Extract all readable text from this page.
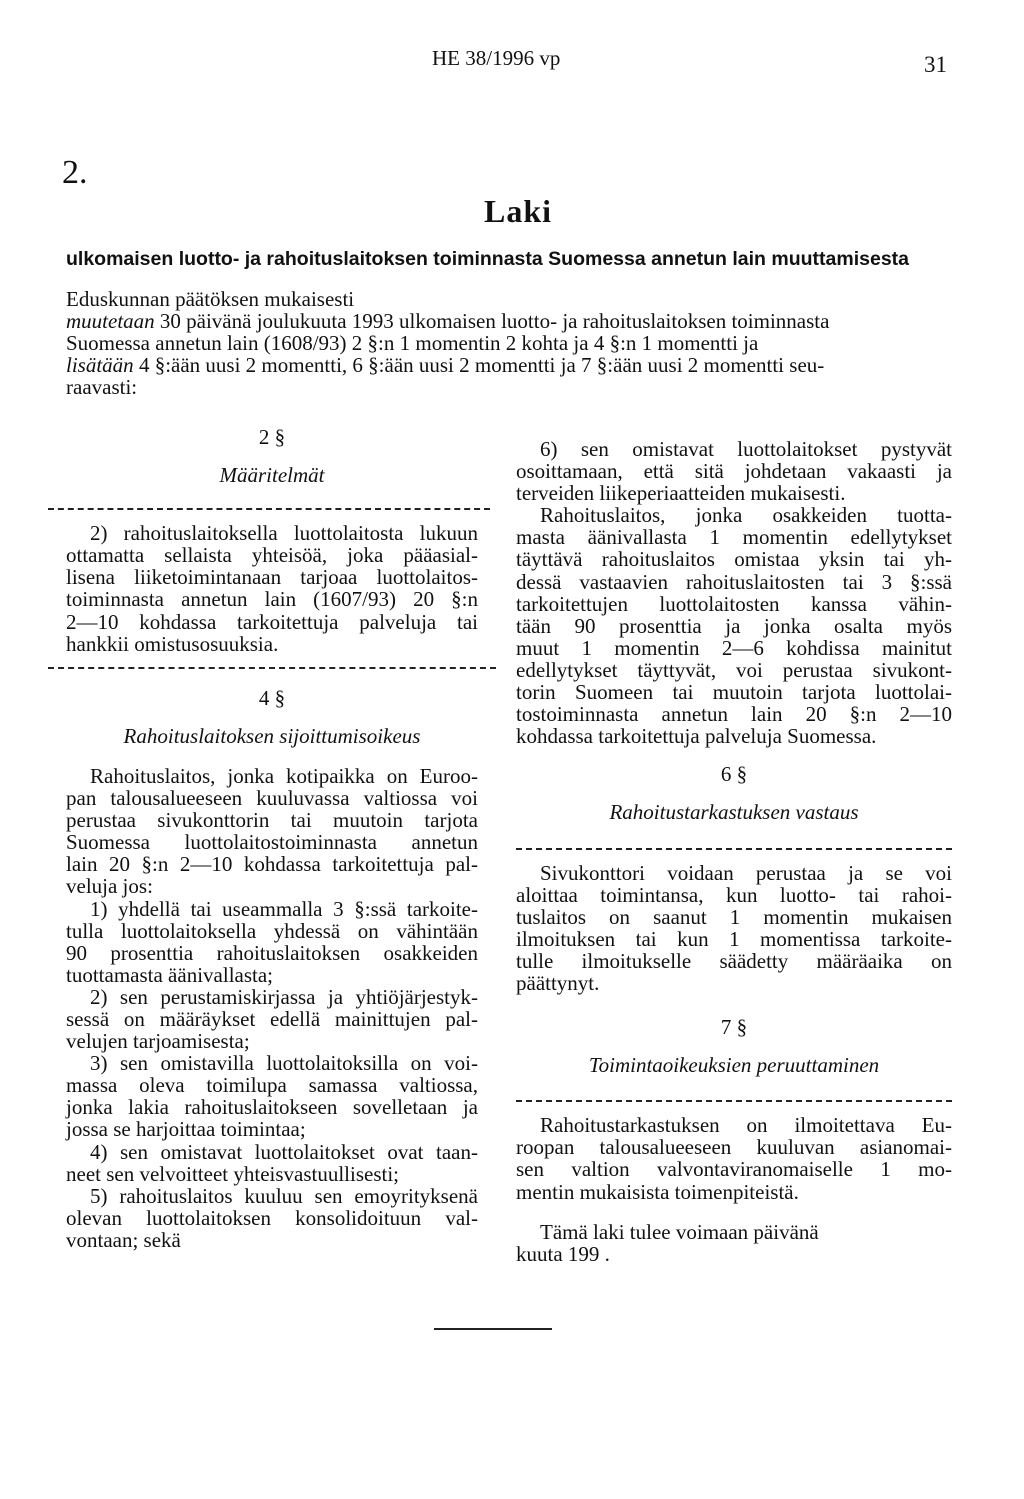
HE 38/1996 vp	31
2.
Laki
ulkomaisen luotto- ja rahoituslaitoksen toiminnasta Suomessa annetun lain muuttamisesta
Eduskunnan päätöksen mukaisesti
muutetaan 30 päivänä joulukuuta 1993 ulkomaisen luotto- ja rahoituslaitoksen toiminnasta
Suomessa annetun lain (1608/93) 2 §:n 1 momentin 2 kohta ja 4 §:n 1 momentti ja
lisätään 4 §:ään uusi 2 momentti, 6 §:ään uusi 2 momentti ja 7 §:ään uusi 2 momentti seu-
raavasti:
2 §
Määritelmät
2) rahoituslaitoksella luottolaitosta lukuun
ottamatta sellaista yhteisöä, joka pääasial-
lisena liiketoimintanaan tarjoaa luottolaitos-
toiminnasta annetun lain (1607/93) 20 §:n
2—10 kohdassa tarkoitettuja palveluja tai
hankkii omistusosuuksia.
4 §
Rahoituslaitoksen sijoittumisoikeus
Rahoituslaitos, jonka kotipaikka on Euroo-
pan talousalueeseen kuuluvassa valtiossa voi
perustaa sivukonttorin tai muutoin tarjota
Suomessa luottolaitostoiminnasta annetun
lain 20 §:n 2—10 kohdassa tarkoitettuja pal-
veluja jos:
1) yhdellä tai useammalla 3 §:ssä tarkoite-
tulla luottolaitoksella yhdessä on vähintään
90 prosenttia rahoituslaitoksen osakkeiden
tuottamasta äänivallasta;
2) sen perustamiskirjassa ja yhtiöjärjestyk-
sessä on määräykset edellä mainittujen pal-
velujen tarjoamisesta;
3) sen omistavilla luottolaitoksilla on voi-
massa oleva toimilupa samassa valtiossa,
jonka lakia rahoituslaitokseen sovelletaan ja
jossa se harjoittaa toimintaa;
4) sen omistavat luottolaitokset ovat taan-
neet sen velvoitteet yhteisvastuullisesti;
5) rahoituslaitos kuuluu sen emoyrityksenä
olevan luottolaitoksen konsolidoituun val-
vontaan; sekä
6) sen omistavat luottolaitokset pystyvät
osoittamaan, että sitä johdetaan vakaasti ja
terveiden liikeperiaatteiden mukaisesti.
Rahoituslaitos, jonka osakkeiden tuotta-
masta äänivallasta 1 momentin edellytykset
täyttävä rahoituslaitos omistaa yksin tai yh-
dessä vastaavien rahoituslaitosten tai 3 §:ssä
tarkoitettujen luottolaitosten kanssa vähin-
tään 90 prosenttia ja jonka osalta myös
muut 1 momentin 2—6 kohdissa mainitut
edellytykset täyttyvät, voi perustaa sivukont-
torin Suomeen tai muutoin tarjota luottolai-
tostoiminnasta annetun lain 20 §:n 2—10
kohdassa tarkoitettuja palveluja Suomessa.
6 §
Rahoitustarkastuksen vastaus
Sivukonttori voidaan perustaa ja se voi
aloittaa toimintansa, kun luotto- tai rahoi-
tuslaitos on saanut 1 momentin mukaisen
ilmoituksen tai kun 1 momentissa tarkoite-
tulle ilmoitukselle säädetty määräaika on
päättynyt.
7 §
Toimintaoikeuksien peruuttaminen
Rahoitustarkastuksen on ilmoitettava Eu-
roopan talousalueeseen kuuluvan asianomai-
sen valtion valvontaviranomaiselle 1 mo-
mentin mukaisista toimenpiteistä.
Tämä laki tulee voimaan päivänä
kuuta 199 .
